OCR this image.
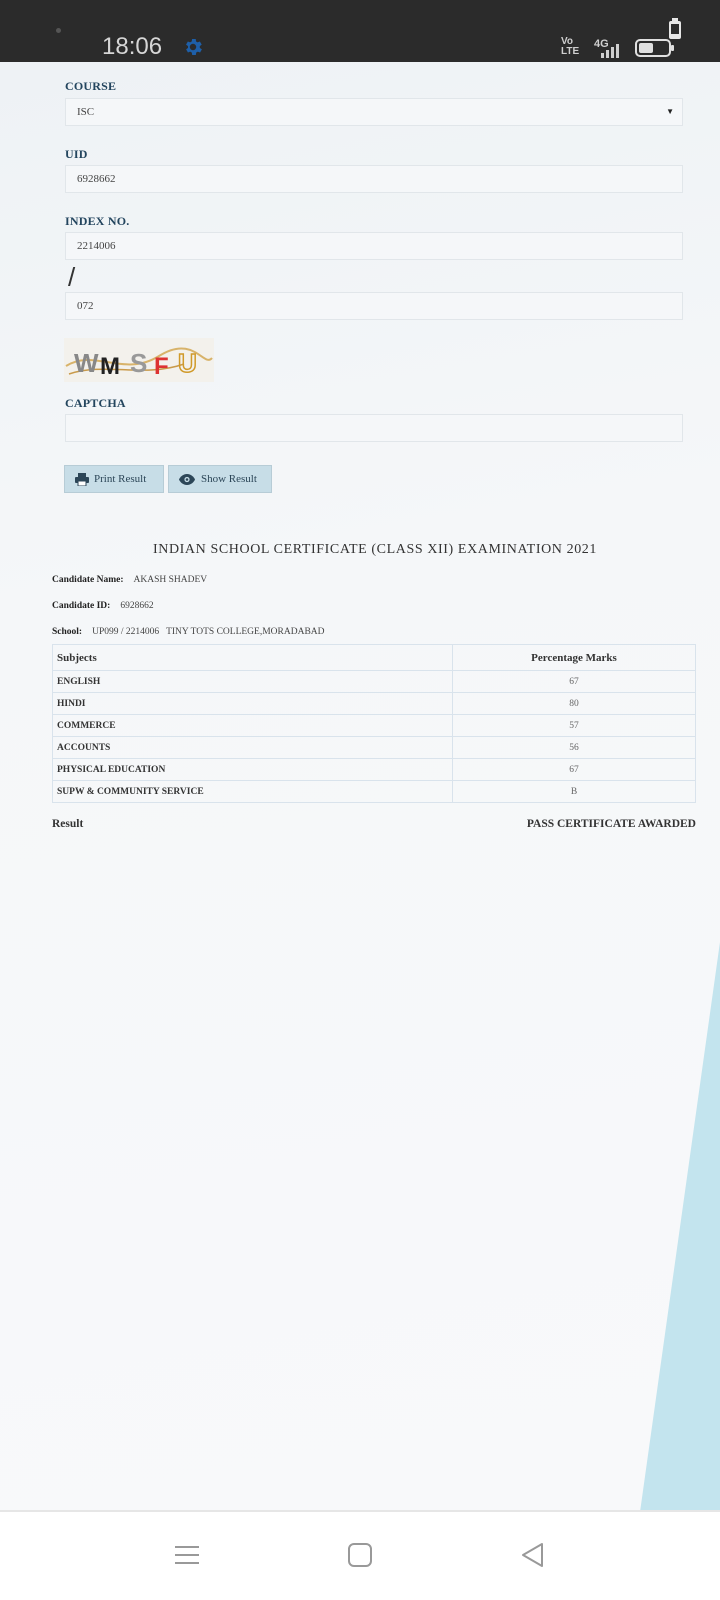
18:06	Vo
LTE
4G
COURSE
ISC	▼
UID
6928662
INDEX NO.
2214006
/
072
W M S F U
CAPTCHA
Print Result	Show Result
INDIAN SCHOOL CERTIFICATE (CLASS XII) EXAMINATION 2021
Candidate Name: AKASH SHADEV
Candidate ID: 6928662
School: UP099 / 2214006   TINY TOTS COLLEGE,MORADABAD
Subjects	Percentage Marks
ENGLISH	67
HINDI	80
COMMERCE	57
ACCOUNTS	56
PHYSICAL EDUCATION	67
SUPW & COMMUNITY SERVICE	B
Result	PASS CERTIFICATE AWARDED
